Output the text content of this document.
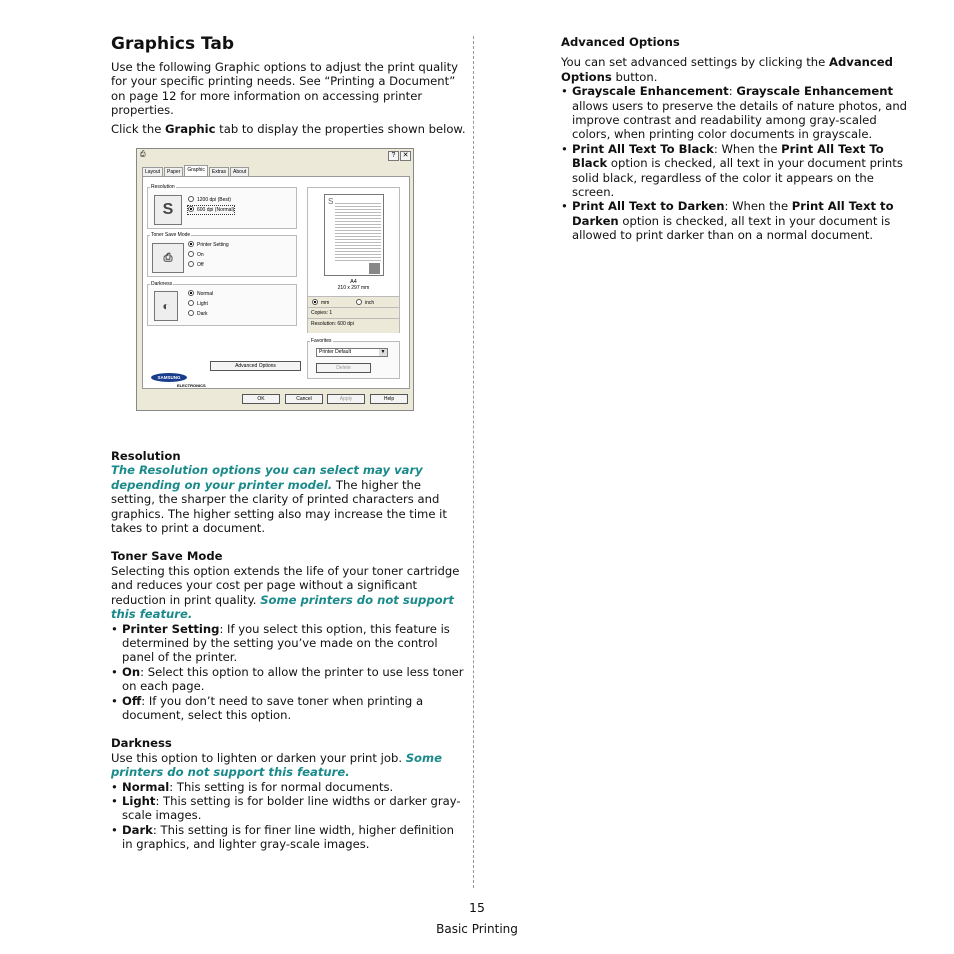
Graphics Tab

Use the following Graphic options to adjust the print quality for your specific printing needs. See “Printing a Document” on page 12 for more information on accessing printer properties.

Click the Graphic tab to display the properties shown below.

Resolution

The Resolution options you can select may vary depending on your printer model. The higher the setting, the sharper the clarity of printed characters and graphics. The higher setting also may increase the time it takes to print a document.

Toner Save Mode

Selecting this option extends the life of your toner cartridge and reduces your cost per page without a significant reduction in print quality. Some printers do not support this feature.

• Printer Setting: If you select this option, this feature is determined by the setting you’ve made on the control panel of the printer.
• On: Select this option to allow the printer to use less toner on each page.
• Off: If you don’t need to save toner when printing a document, select this option.

Darkness

Use this option to lighten or darken your print job. Some printers do not support this feature.

• Normal: This setting is for normal documents.
• Light: This setting is for bolder line widths or darker gray-scale images.
• Dark: This setting is for finer line width, higher definition in graphics, and lighter gray-scale images.

Advanced Options

You can set advanced settings by clicking the Advanced Options button.

• Grayscale Enhancement: Grayscale Enhancement allows users to preserve the details of nature photos, and improve contrast and readability among gray-scaled colors, when printing color documents in grayscale.
• Print All Text To Black: When the Print All Text To Black option is checked, all text in your document prints solid black, regardless of the color it appears on the screen.
• Print All Text to Darken: When the Print All Text to Darken option is checked, all text in your document is allowed to print darker than on a normal document.
⎙	?	✕
Layout Paper Graphic Extras About
Resolution
S
1200 dpi (Best)
600 dpi (Normal)
Toner Save Mode
⎙
Printer Setting
On
Off
Darkness
◐
Normal
Light
Dark
Advanced Options
SAMSUNG
ELECTRONICS
S
A4
210 x 297 mm
mm	inch
Copies: 1
Resolution: 600 dpi
Favorites
Printer Default	▼
Delete
OK	Cancel	Apply	Help
15
Basic Printing
